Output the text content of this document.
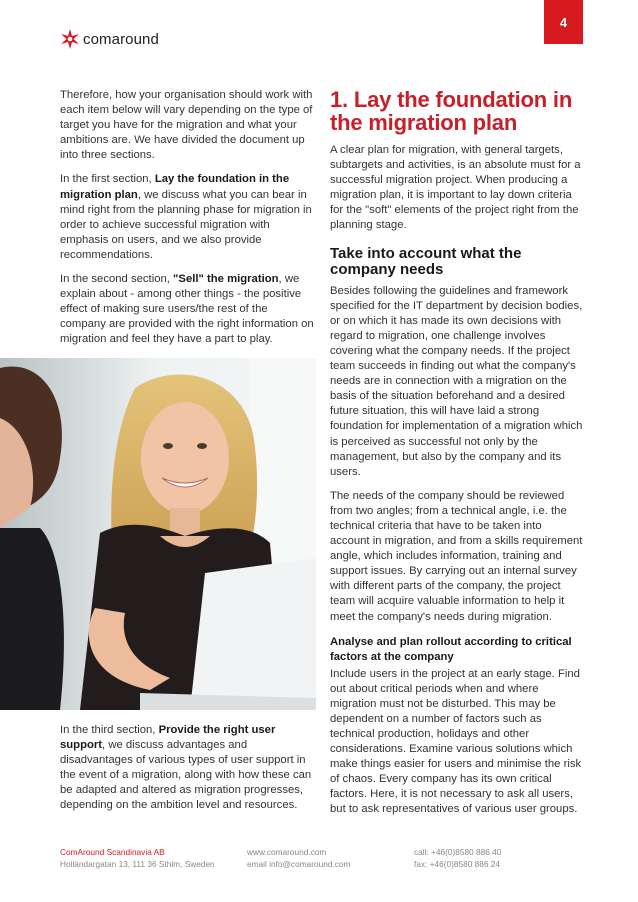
4
comaround

Therefore, how your organisation should work with each item below will vary depending on the type of target you have for the migration and what your ambitions are. We have divided the document up into three sections.

In the first section, Lay the foundation in the migration plan, we discuss what you can bear in mind right from the planning phase for migration in order to achieve successful migration with emphasis on users, and we also provide recommendations.

In the second section, "Sell" the migration, we explain about - among other things - the positive effect of making sure users/the rest of the company are provided with the right information on migration and feel they have a part to play.

In the third section, Provide the right user support, we discuss advantages and disadvantages of various types of user support in the event of a migration, along with how these can be adapted and altered as migration progresses, depending on the ambition level and resources.

1. Lay the foundation in the migration plan

A clear plan for migration, with general targets, subtargets and activities, is an absolute must for a successful migration project. When producing a migration plan, it is important to lay down criteria for the "soft" elements of the project right from the planning stage.

Take into account what the company needs

Besides following the guidelines and framework specified for the IT department by decision bodies, or on which it has made its own decisions with regard to migration, one challenge involves covering what the company needs. If the project team succeeds in finding out what the company's needs are in connection with a migration on the basis of the situation beforehand and a desired future situation, this will have laid a strong foundation for implementation of a migration which is perceived as successful not only by the management, but also by the company and its users.

The needs of the company should be reviewed from two angles; from a technical angle, i.e. the technical criteria that have to be taken into account in migration, and from a skills requirement angle, which includes information, training and support issues. By carrying out an internal survey with different parts of the company, the project team will acquire valuable information to help it meet the company's needs during migration.

Analyse and plan rollout according to critical factors at the company

Include users in the project at an early stage. Find out about critical periods when and where migration must not be disturbed. This may be dependent on a number of factors such as technical production, holidays and other considerations. Examine various solutions which make things easier for users and minimise the risk of chaos. Every company has its own critical factors. Here, it is not necessary to ask all users, but to ask representatives of various user groups.

ComAround Scandinavia AB
Holländargatan 13, 111 36 Sthlm, Sweden
www.comaround.com
email info@comaround.com
call: +46(0)8580 886 40
fax: +46(0)8580 886 24
